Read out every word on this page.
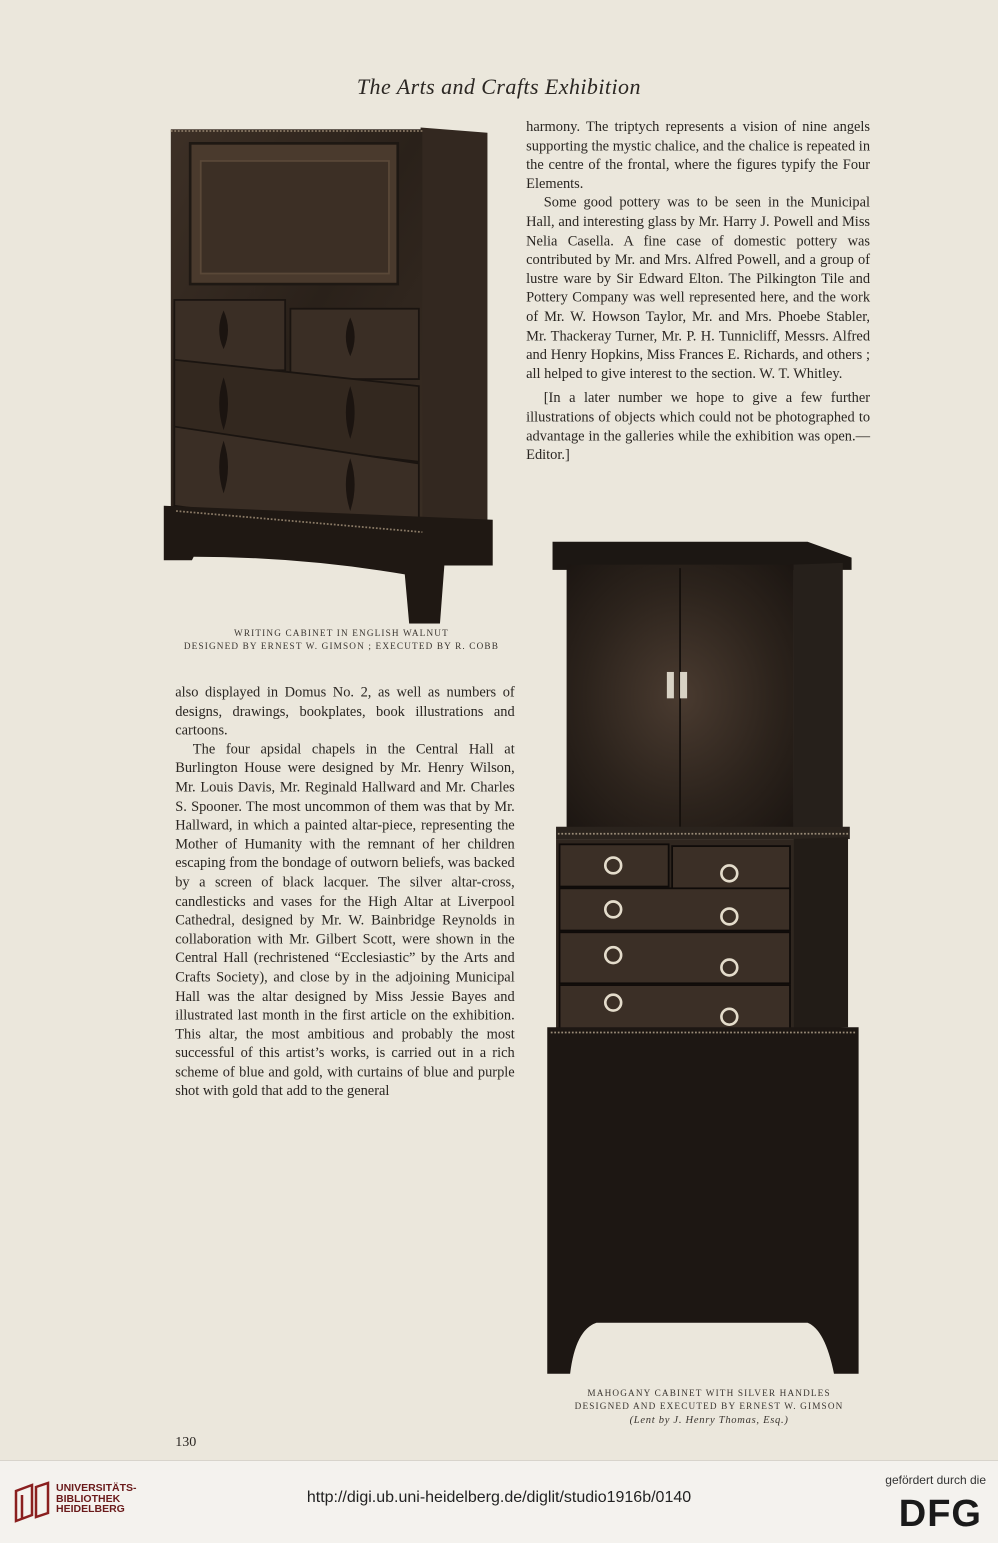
The Arts and Crafts Exhibition
WRITING CABINET IN ENGLISH WALNUT
DESIGNED BY ERNEST W. GIMSON ; EXECUTED BY R. COBB

harmony. The triptych represents a vision of nine angels supporting the mystic chalice, and the chalice is repeated in the centre of the frontal, where the figures typify the Four Elements.

Some good pottery was to be seen in the Municipal Hall, and interesting glass by Mr. Harry J. Powell and Miss Nelia Casella. A fine case of domestic pottery was contributed by Mr. and Mrs. Alfred Powell, and a group of lustre ware by Sir Edward Elton. The Pilkington Tile and Pottery Company was well represented here, and the work of Mr. W. Howson Taylor, Mr. and Mrs. Phoebe Stabler, Mr. Thackeray Turner, Mr. P. H. Tunnicliff, Messrs. Alfred and Henry Hopkins, Miss Frances E. Richards, and others ; all helped to give interest to the section. W. T. Whitley.

[In a later number we hope to give a few further illustrations of objects which could not be photographed to advantage in the galleries while the exhibition was open.—Editor.]

also displayed in Domus No. 2, as well as numbers of designs, drawings, bookplates, book illustrations and cartoons.

The four apsidal chapels in the Central Hall at Burlington House were designed by Mr. Henry Wilson, Mr. Louis Davis, Mr. Reginald Hallward and Mr. Charles S. Spooner. The most uncommon of them was that by Mr. Hallward, in which a painted altar-piece, representing the Mother of Humanity with the remnant of her children escaping from the bondage of outworn beliefs, was backed by a screen of black lacquer. The silver altar-cross, candlesticks and vases for the High Altar at Liverpool Cathedral, designed by Mr. W. Bainbridge Reynolds in collaboration with Mr. Gilbert Scott, were shown in the Central Hall (rechristened “Ecclesiastic” by the Arts and Crafts Society), and close by in the adjoining Municipal Hall was the altar designed by Miss Jessie Bayes and illustrated last month in the first article on the exhibition. This altar, the most ambitious and probably the most successful of this artist’s works, is carried out in a rich scheme of blue and gold, with curtains of blue and purple shot with gold that add to the general

MAHOGANY CABINET WITH SILVER HANDLES
DESIGNED AND EXECUTED BY ERNEST W. GIMSON
(Lent by J. Henry Thomas, Esq.)
130
UNIVERSITÄTS-
BIBLIOTHEK
HEIDELBERG
http://digi.ub.uni-heidelberg.de/diglit/studio1916b/0140
gefördert durch die
DFG
